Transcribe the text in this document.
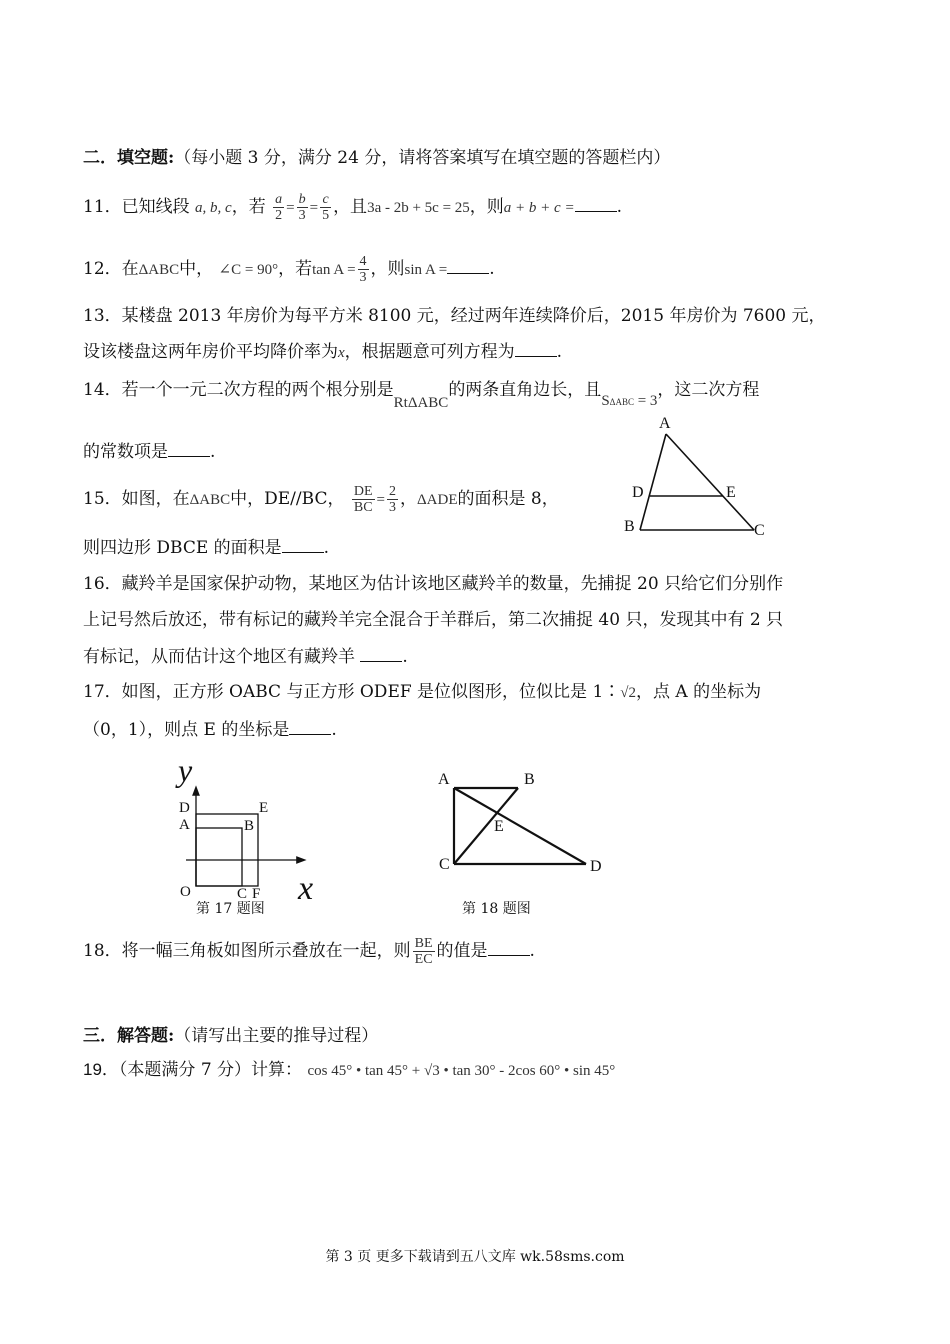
二．填空题:（每小题 3 分，满分 24 分，请将答案填写在填空题的答题栏内）
11．已知线段 a, b, c，若 $\frac{a}{2} = \frac{b}{3} = \frac{c}{5}$ ，且3a - 2b + 5c = 25，则a + b + c = .
12．在ΔABC中， ∠C = 90°，若$\tan A = \frac{4}{3}$ ，则sin A = .
13．某楼盘 2013 年房价为每平方米 8100 元，经过两年连续降价后，2015 年房价为 7600 元，
设该楼盘这两年房价平均降价率为x，根据题意可列方程为 .
14．若一个一元二次方程的两个根分别是RtΔABC的两条直角边长，且SΔABC = 3，这二次方程
的常数项是 .
15．如图，在ΔABC中，DE//BC， $\frac{DE}{BC} = \frac{2}{3}$ ，ΔADE的面积是 8，
则四边形 DBCE 的面积是 .
A
D	E
B	C
16．藏羚羊是国家保护动物，某地区为估计该地区藏羚羊的数量，先捕捉 20 只给它们分别作
上记号然后放还，带有标记的藏羚羊完全混合于羊群后，第二次捕捉 40 只，发现其中有 2 只
有标记，从而估计这个地区有藏羚羊	.
17．如图，正方形 OABC 与正方形 ODEF 是位似图形，位似比是 1∶√2，点 A 的坐标为
（0，1），则点 E 的坐标是 .
y
x
D
A
E
B
O	C F
第 17 题图
A	B
E
C	D
第 18 题图
18．将一幅三角板如图所示叠放在一起，则 $\frac{BE}{EC}$ 的值是 .
三．解答题:（请写出主要的推导过程）
19．（本题满分 7 分）计算： cos 45° • tan 45° + √3 • tan 30° - 2cos 60° • sin 45°
第 3 页 更多下载请到五八文库 wk.58sms.com
